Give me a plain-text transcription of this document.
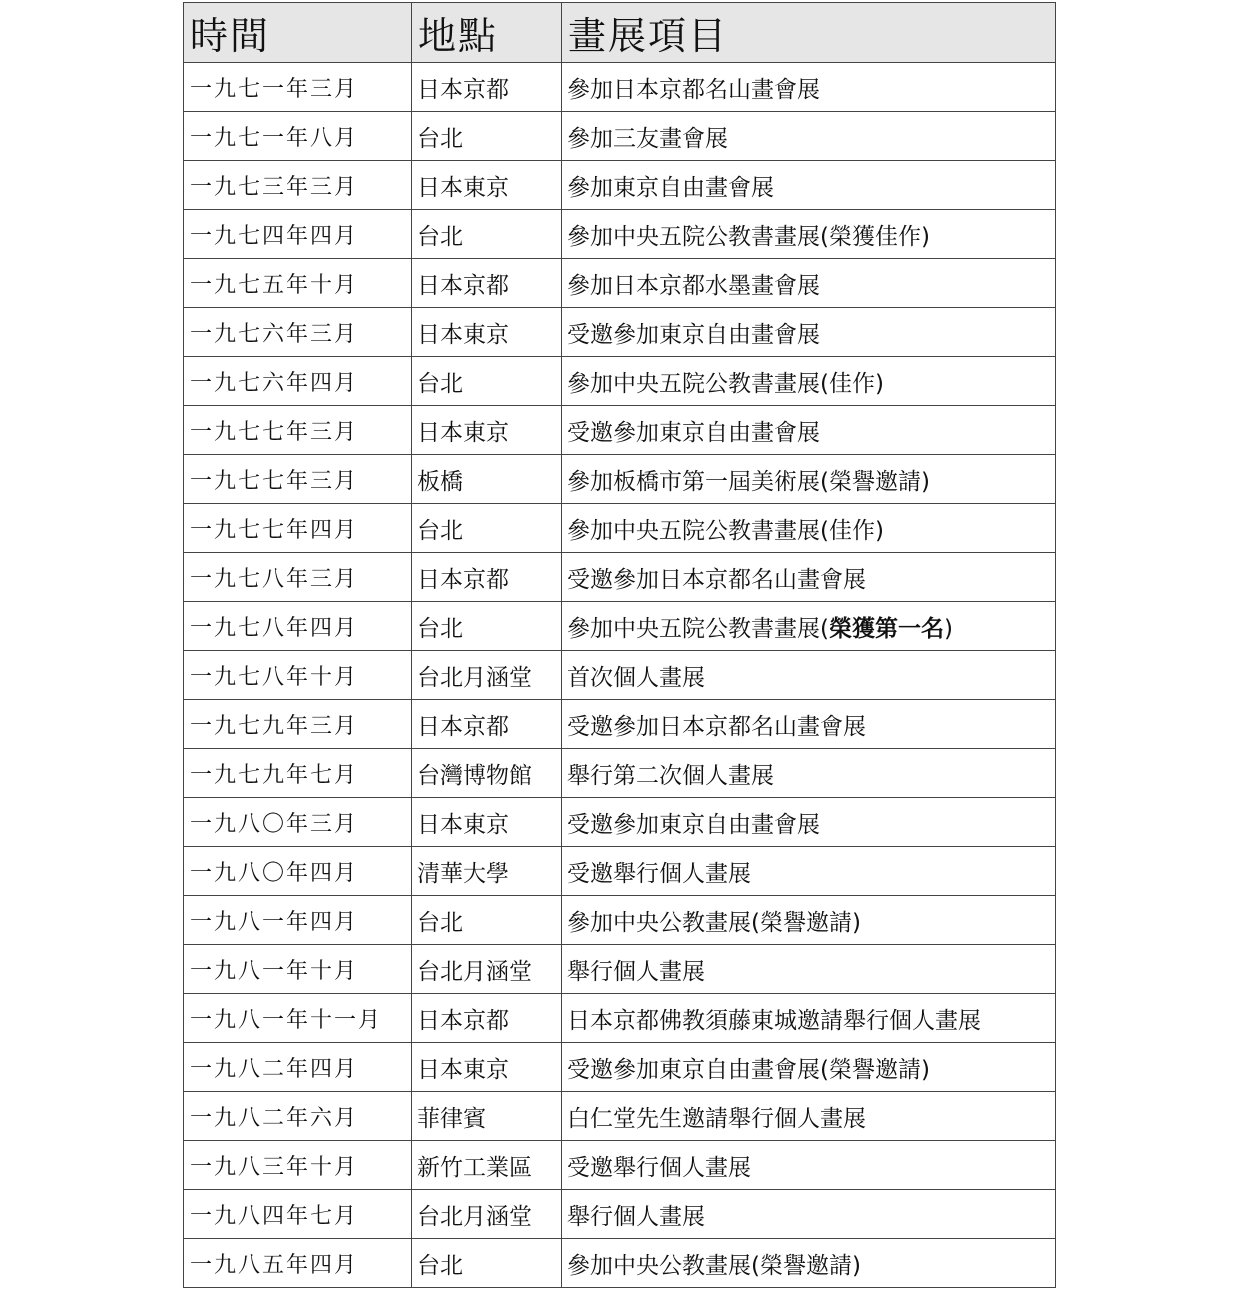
時間	地點	畫展項目
一九七一年三月	日本京都	參加日本京都名山畫會展
一九七一年八月	台北	參加三友畫會展
一九七三年三月	日本東京	參加東京自由畫會展
一九七四年四月	台北	參加中央五院公教書畫展(榮獲佳作)
一九七五年十月	日本京都	參加日本京都水墨畫會展
一九七六年三月	日本東京	受邀參加東京自由畫會展
一九七六年四月	台北	參加中央五院公教書畫展(佳作)
一九七七年三月	日本東京	受邀參加東京自由畫會展
一九七七年三月	板橋	參加板橋市第一屆美術展(榮譽邀請)
一九七七年四月	台北	參加中央五院公教書畫展(佳作)
一九七八年三月	日本京都	受邀參加日本京都名山畫會展
一九七八年四月	台北	參加中央五院公教書畫展(榮獲第一名)
一九七八年十月	台北月涵堂	首次個人畫展
一九七九年三月	日本京都	受邀參加日本京都名山畫會展
一九七九年七月	台灣博物館	舉行第二次個人畫展
一九八〇年三月	日本東京	受邀參加東京自由畫會展
一九八〇年四月	清華大學	受邀舉行個人畫展
一九八一年四月	台北	參加中央公教畫展(榮譽邀請)
一九八一年十月	台北月涵堂	舉行個人畫展
一九八一年十一月	日本京都	日本京都佛教須藤東城邀請舉行個人畫展
一九八二年四月	日本東京	受邀參加東京自由畫會展(榮譽邀請)
一九八二年六月	菲律賓	白仁堂先生邀請舉行個人畫展
一九八三年十月	新竹工業區	受邀舉行個人畫展
一九八四年七月	台北月涵堂	舉行個人畫展
一九八五年四月	台北	參加中央公教畫展(榮譽邀請)
